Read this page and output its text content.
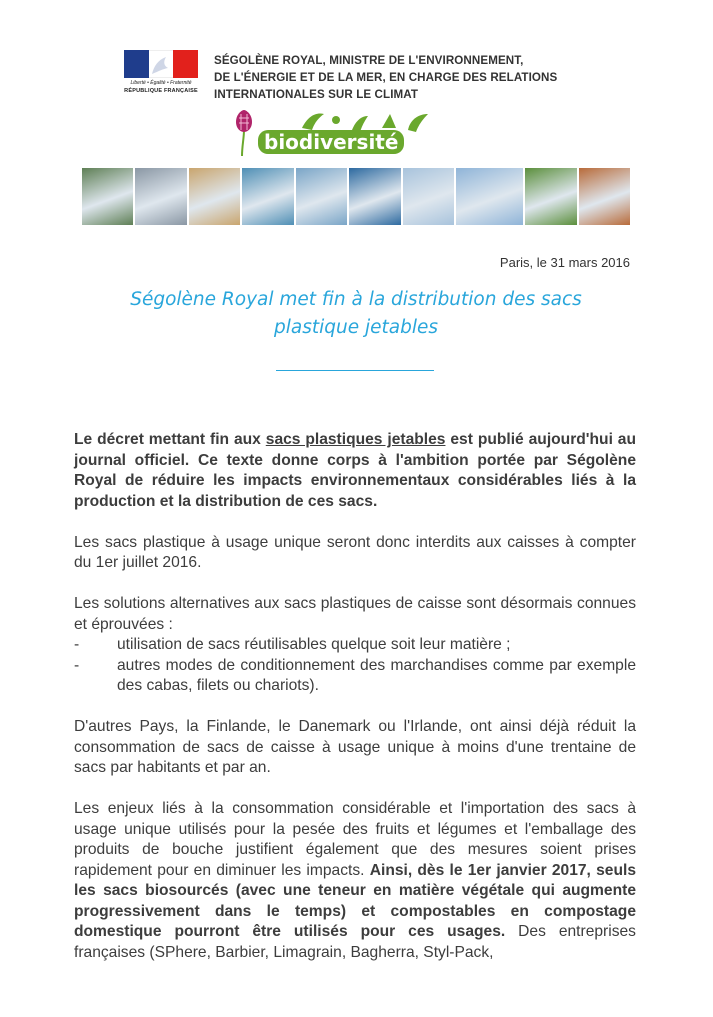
Liberté • Égalité • Fraternité
RÉPUBLIQUE FRANÇAISE
SÉGOLÈNE ROYAL, MINISTRE DE L'ENVIRONNEMENT,
DE L'ÉNERGIE ET DE LA MER, EN CHARGE DES RELATIONS
INTERNATIONALES SUR LE CLIMAT
biodiversité
Paris, le 31 mars 2016
Ségolène Royal met fin à la distribution des sacs plastique jetables

Le décret mettant fin aux sacs plastiques jetables est publié aujourd'hui au journal officiel. Ce texte donne corps à l'ambition portée par Ségolène Royal de réduire les impacts environnementaux considérables liés à la production et la distribution de ces sacs.

Les sacs plastique à usage unique seront donc interdits aux caisses à compter du 1er juillet 2016.

Les solutions alternatives aux sacs plastiques de caisse sont désormais connues et éprouvées :

-	utilisation de sacs réutilisables quelque soit leur matière ;
-	autres modes de conditionnement des marchandises comme par exemple des cabas, filets ou chariots).

D'autres Pays, la Finlande, le Danemark ou l'Irlande, ont ainsi déjà réduit la consommation de sacs de caisse à usage unique à moins d'une trentaine de sacs par habitants et par an.

Les enjeux liés à la consommation considérable et l'importation des sacs à usage unique utilisés pour la pesée des fruits et légumes et l'emballage des produits de bouche justifient également que des mesures soient prises rapidement pour en diminuer les impacts. Ainsi, dès le 1er janvier 2017, seuls les sacs biosourcés (avec une teneur en matière végétale qui augmente progressivement dans le temps) et compostables en compostage domestique pourront être utilisés pour ces usages. Des entreprises françaises (SPhere, Barbier, Limagrain, Bagherra, Styl-Pack,
